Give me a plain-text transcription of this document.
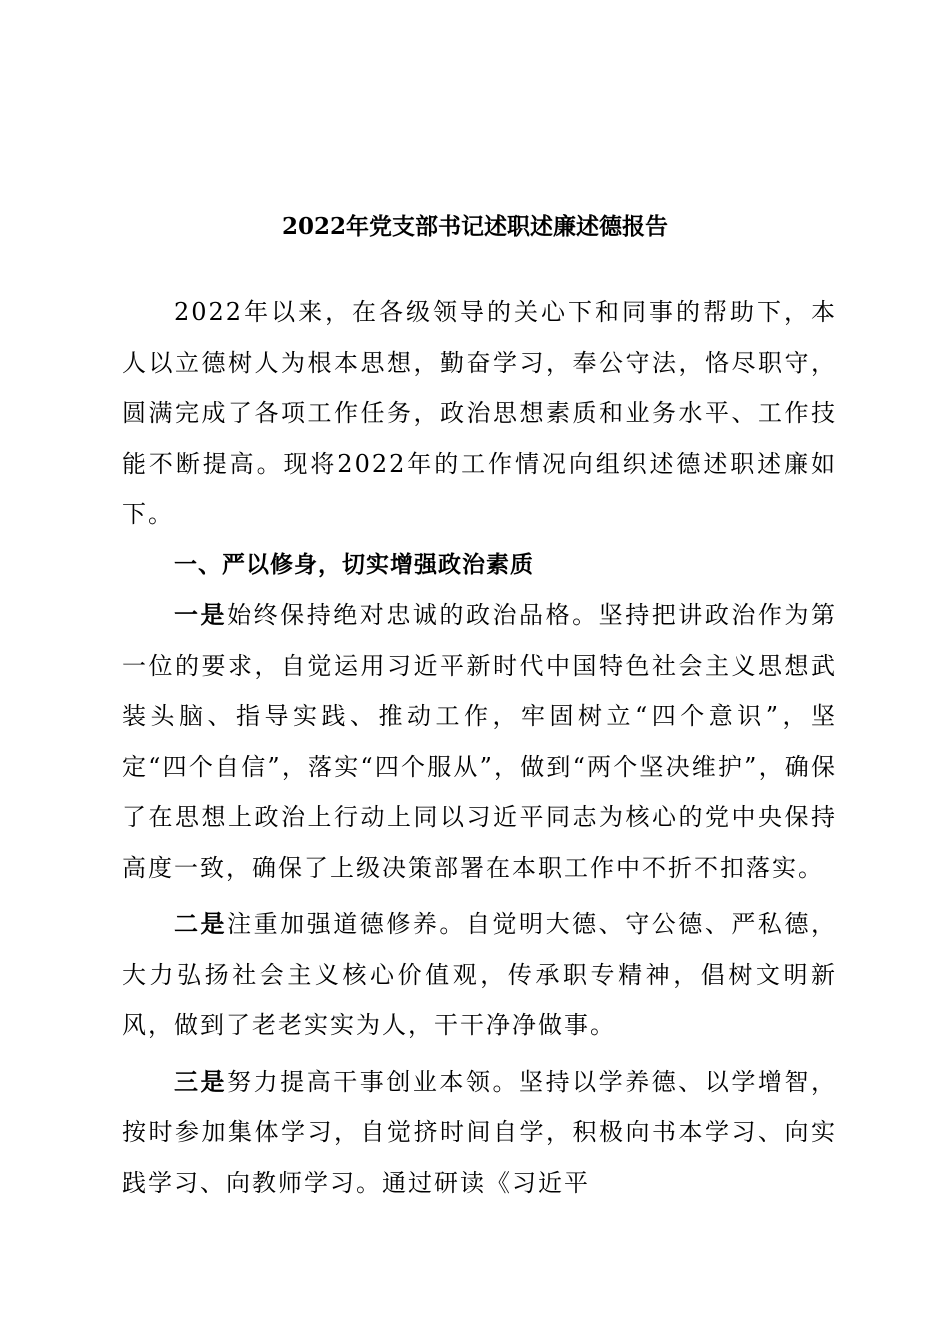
2022年党支部书记述职述廉述德报告

2022年以来，在各级领导的关心下和同事的帮助下，本人以立德树人为根本思想，勤奋学习，奉公守法，恪尽职守，圆满完成了各项工作任务，政治思想素质和业务水平、工作技能不断提高。现将2022年的工作情况向组织述德述职述廉如下。

一、严以修身，切实增强政治素质

一是始终保持绝对忠诚的政治品格。坚持把讲政治作为第一位的要求，自觉运用习近平新时代中国特色社会主义思想武装头脑、指导实践、推动工作，牢固树立“四个意识”，坚定“四个自信”，落实“四个服从”，做到“两个坚决维护”，确保了在思想上政治上行动上同以习近平同志为核心的党中央保持高度一致，确保了上级决策部署在本职工作中不折不扣落实。

二是注重加强道德修养。自觉明大德、守公德、严私德，大力弘扬社会主义核心价值观，传承职专精神，倡树文明新风，做到了老老实实为人，干干净净做事。

三是努力提高干事创业本领。坚持以学养德、以学增智，按时参加集体学习，自觉挤时间自学，积极向书本学习、向实践学习、向教师学习。通过研读《习近平
